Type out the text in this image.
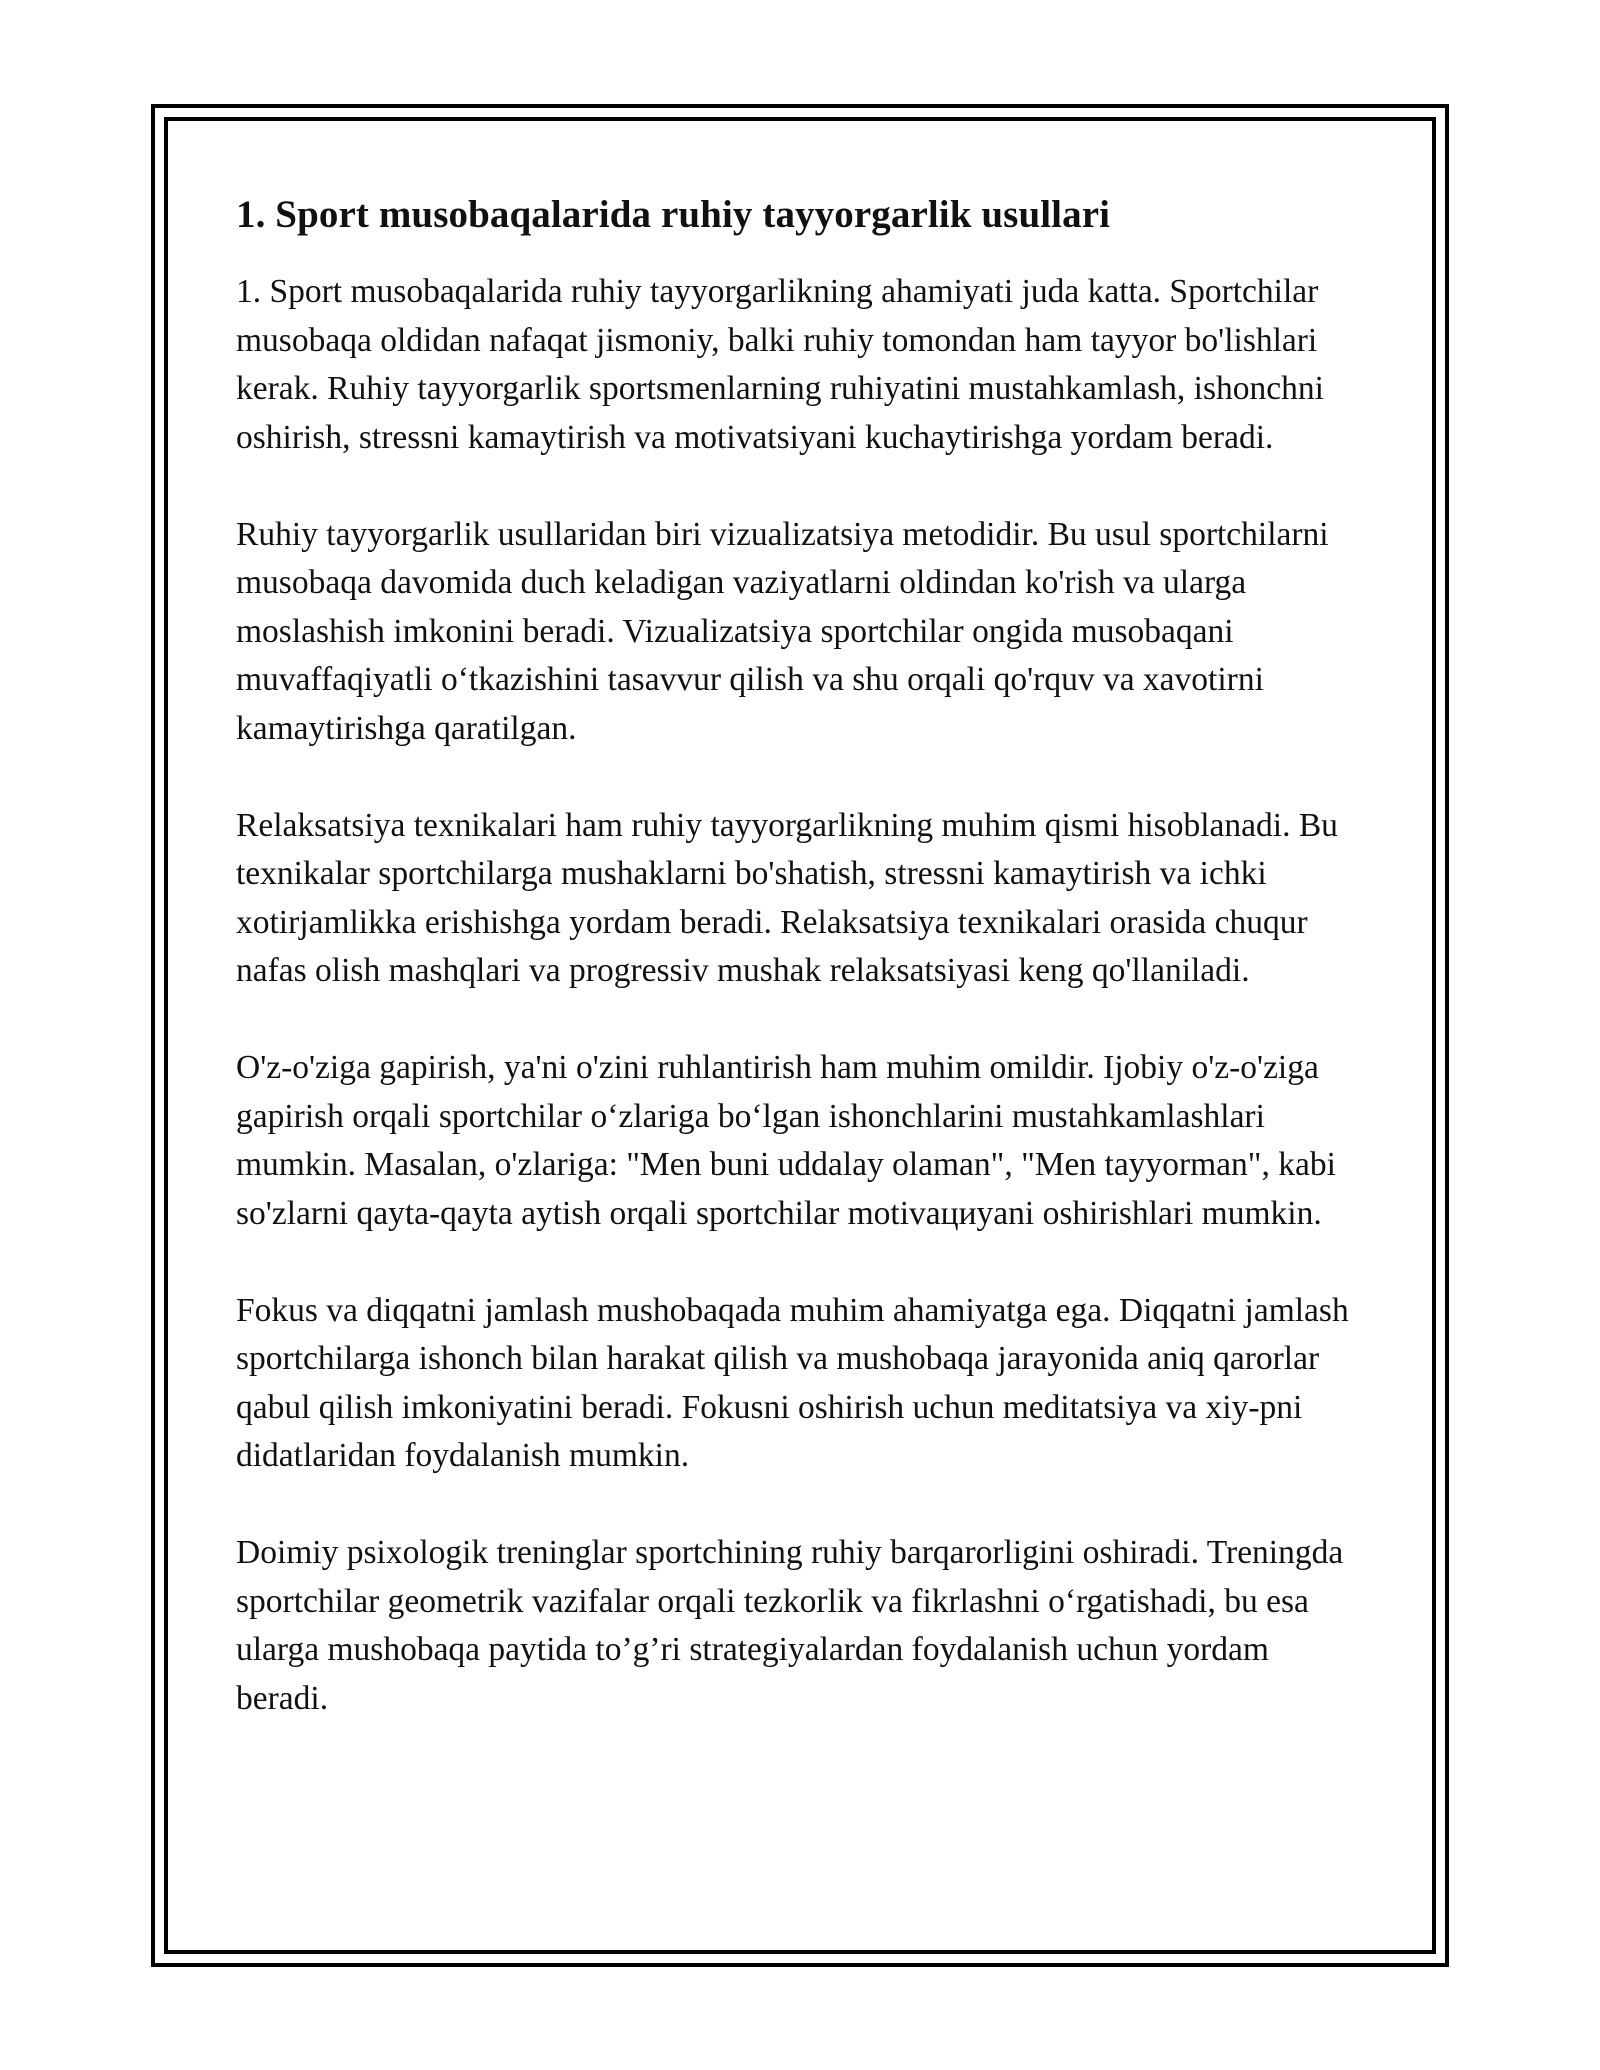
1. Sport musobaqalarida ruhiy tayyorgarlik usullari

1. Sport musobaqalarida ruhiy tayyorgarlikning ahamiyati juda katta. Sportchilar musobaqa oldidan nafaqat jismoniy, balki ruhiy tomondan ham tayyor bo'lishlari kerak. Ruhiy tayyorgarlik sportsmenlarning ruhiyatini mustahkamlash, ishonchni oshirish, stressni kamaytirish va motivatsiyani kuchaytirishga yordam beradi.

Ruhiy tayyorgarlik usullaridan biri vizualizatsiya metodidir. Bu usul sportchilarni musobaqa davomida duch keladigan vaziyatlarni oldindan ko'rish va ularga moslashish imkonini beradi. Vizualizatsiya sportchilar ongida musobaqani muvaffaqiyatli o‘tkazishini tasavvur qilish va shu orqali qo'rquv va xavotirni kamaytirishga qaratilgan.

Relaksatsiya texnikalari ham ruhiy tayyorgarlikning muhim qismi hisoblanadi. Bu texnikalar sportchilarga mushaklarni bo'shatish, stressni kamaytirish va ichki xotirjamlikka erishishga yordam beradi. Relaksatsiya texnikalari orasida chuqur nafas olish mashqlari va progressiv mushak relaksatsiyasi keng qo'llaniladi.

O'z-o'ziga gapirish, ya'ni o'zini ruhlantirish ham muhim omildir. Ijobiy o'z-o'ziga gapirish orqali sportchilar o‘zlariga bo‘lgan ishonchlarini mustahkamlashlari mumkin. Masalan, o'zlariga: "Men buni uddalay olaman", "Men tayyorman", kabi so'zlarni qayta-qayta aytish orqali sportchilar motivациyani oshirishlari mumkin.

Fokus va diqqatni jamlash mushobaqada muhim ahamiyatga ega. Diqqatni jamlash sportchilarga ishonch bilan harakat qilish va mushobaqa jarayonida aniq qarorlar qabul qilish imkoniyatini beradi. Fokusni oshirish uchun meditatsiya va xiy-pni didatlaridan foydalanish mumkin.

Doimiy psixologik treninglar sportchining ruhiy barqarorligini oshiradi. Treningda sportchilar geometrik vazifalar orqali tezkorlik va fikrlashni o‘rgatishadi, bu esa ularga mushobaqa paytida to’g’ri strategiyalardan foydalanish uchun yordam beradi.
